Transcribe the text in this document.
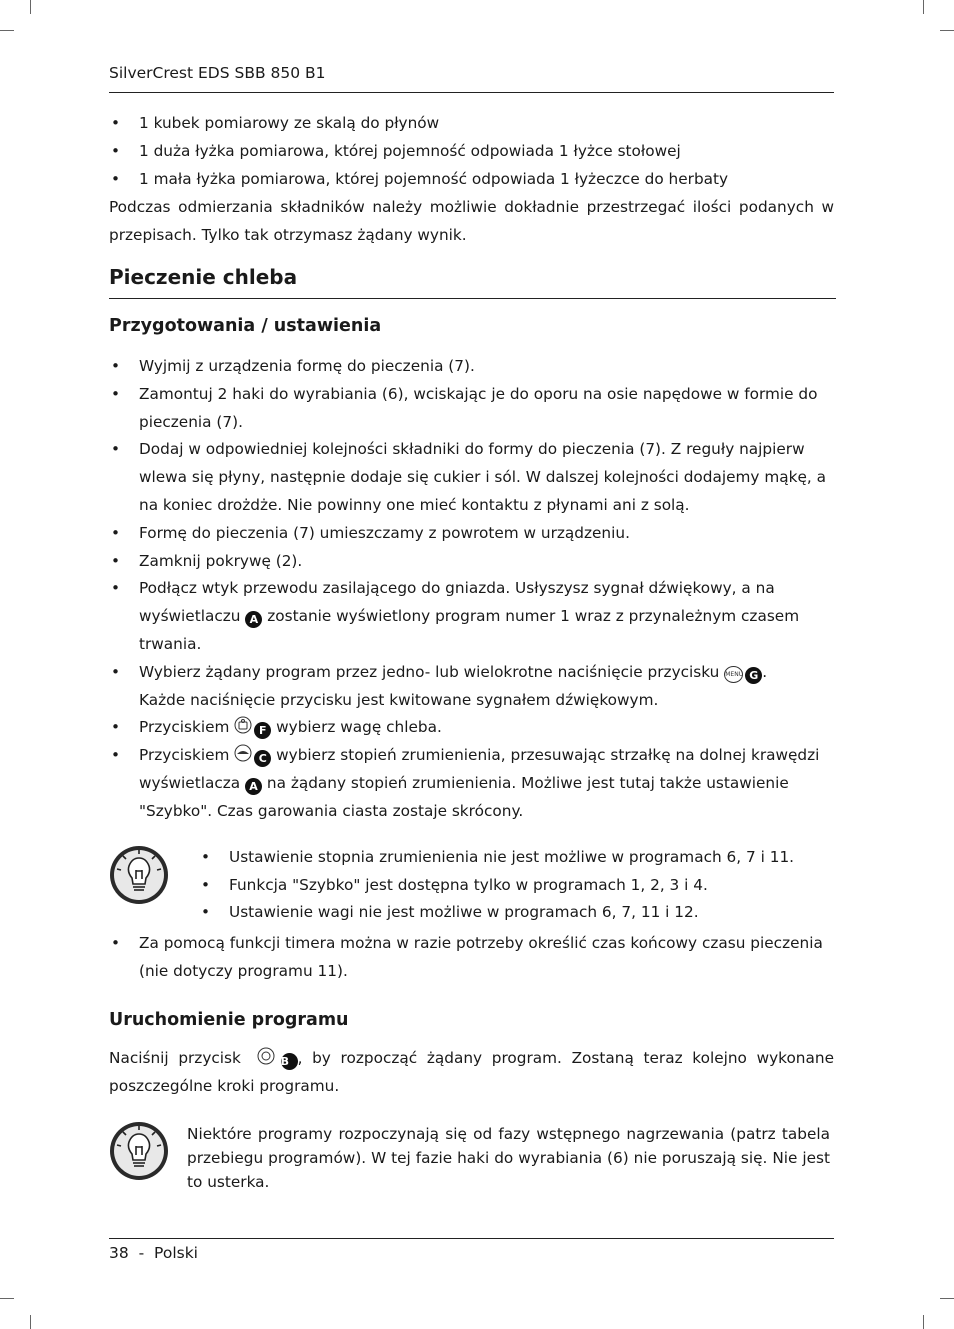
SilverCrest EDS SBB 850 B1
• 1 kubek pomiarowy ze skalą do płynów
• 1 duża łyżka pomiarowa, której pojemność odpowiada 1 łyżce stołowej
• 1 mała łyżka pomiarowa, której pojemność odpowiada 1 łyżeczce do herbaty
Podczas odmierzania składników należy możliwie dokładnie przestrzegać ilości podanych w przepisach. Tylko tak otrzymasz żądany wynik.
Pieczenie chleba
Przygotowania / ustawienia
• Wyjmij z urządzenia formę do pieczenia (7).
• Zamontuj 2 haki do wyrabiania (6), wciskając je do oporu na osie napędowe w formie do pieczenia (7).
• Dodaj w odpowiedniej kolejności składniki do formy do pieczenia (7). Z reguły najpierw wlewa się płyny, następnie dodaje się cukier i sól. W dalszej kolejności dodajemy mąkę, a na koniec drożdże. Nie powinny one mieć kontaktu z płynami ani z solą.
• Formę do pieczenia (7) umieszczamy z powrotem w urządzeniu.
• Zamknij pokrywę (2).
• Podłącz wtyk przewodu zasilającego do gniazda. Usłyszysz sygnał dźwiękowy, a na
wyświetlaczu A zostanie wyświetlony program numer 1 wraz z przynależnym czasem
trwania.
• Wybierz żądany program przez jedno- lub wielokrotne naciśnięcie przycisku MENU G .
Każde naciśnięcie przycisku jest kwitowane sygnałem dźwiękowym.
• Przyciskiem	F wybierz wagę chleba.
• Przyciskiem	C wybierz stopień zrumienienia, przesuwając strzałkę na dolnej krawędzi
wyświetlacza A na żądany stopień zrumienienia. Możliwe jest tutaj także ustawienie
"Szybko". Czas garowania ciasta zostaje skrócony.
• Ustawienie stopnia zrumienienia nie jest możliwe w programach 6, 7 i 11.
• Funkcja "Szybko" jest dostępna tylko w programach 1, 2, 3 i 4.
• Ustawienie wagi nie jest możliwe w programach 6, 7, 11 i 12.
• Za pomocą funkcji timera można w razie potrzeby określić czas końcowy czasu pieczenia (nie dotyczy programu 11).
Uruchomienie programu
Naciśnij przycisk	B , by rozpocząć żądany program. Zostaną teraz kolejno wykonane poszczególne kroki programu.
Niektóre programy rozpoczynają się od fazy wstępnego nagrzewania (patrz tabela przebiegu programów). W tej fazie haki do wyrabiania (6) nie poruszają się. Nie jest to usterka.
38 - Polski
